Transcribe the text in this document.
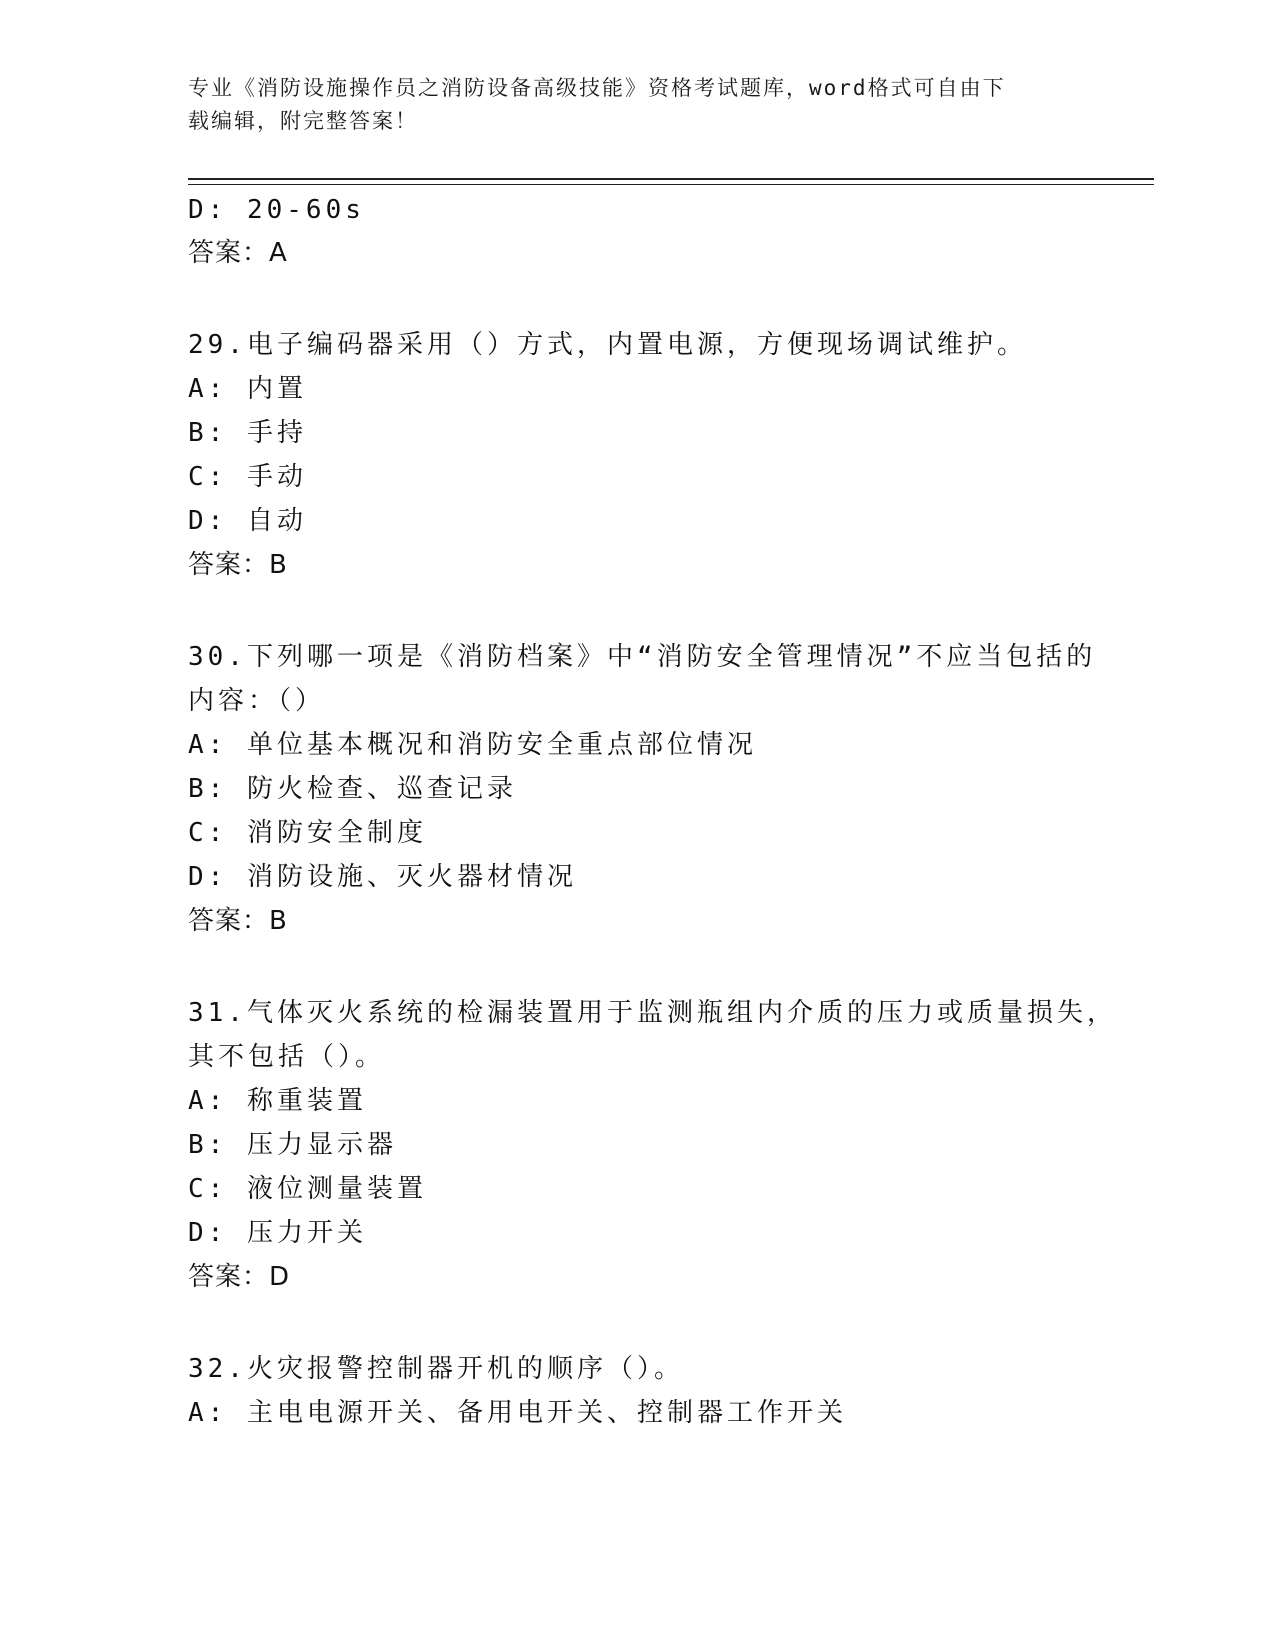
专业《消防设施操作员之消防设备高级技能》资格考试题库，word格式可自由下
载编辑，附完整答案！
D: 20-60s
答案：A
29.电子编码器采用（）方式，内置电源，方便现场调试维护。
A: 内置
B: 手持
C: 手动
D: 自动
答案：B
30.下列哪一项是《消防档案》中“消防安全管理情况”不应当包括的
内容：（）
A: 单位基本概况和消防安全重点部位情况
B: 防火检查、巡查记录
C: 消防安全制度
D: 消防设施、灭火器材情况
答案：B
31.气体灭火系统的检漏装置用于监测瓶组内介质的压力或质量损失，
其不包括（）。
A: 称重装置
B: 压力显示器
C: 液位测量装置
D: 压力开关
答案：D
32.火灾报警控制器开机的顺序（）。
A: 主电电源开关、备用电开关、控制器工作开关
